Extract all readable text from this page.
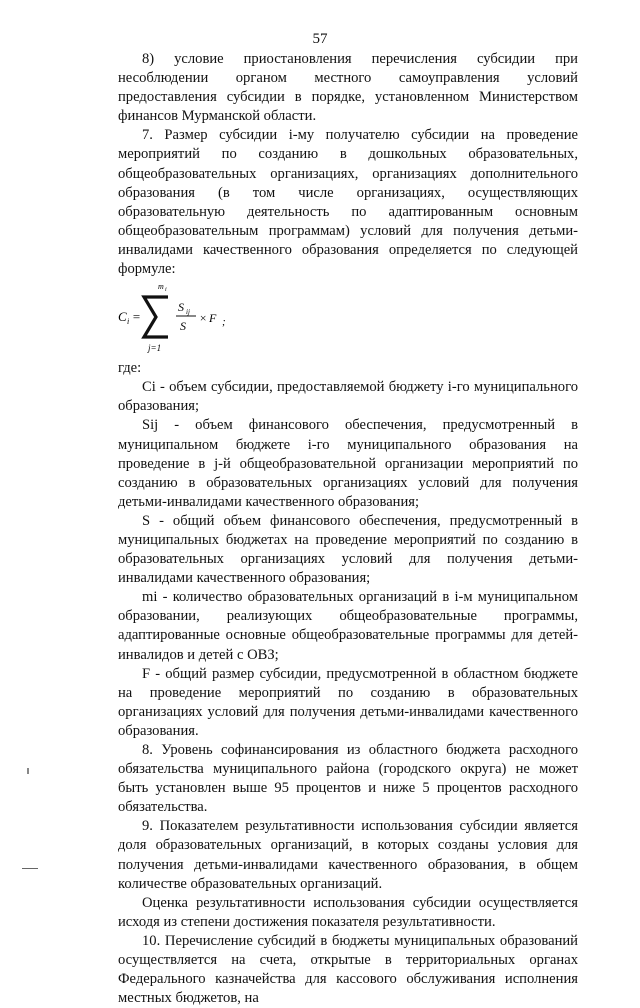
57

8) условие приостановления перечисления субсидии при несоблюдении органом местного самоуправления условий предоставления субсидии в порядке, установленном Министерством финансов Мурманской области.

7. Размер субсидии i-му получателю субсидии на проведение мероприятий по созданию в дошкольных образовательных, общеобразовательных организациях, организациях дополнительного образования (в том числе организациях, осуществляющих образовательную деятельность по адаптированным основным общеобразовательным программам) условий для получения детьми-инвалидами качественного образования определяется по следующей формуле:

C i =
m i
j=1
S ij
S
× F ;

где:

Ci - объем субсидии, предоставляемой бюджету i-го муниципального образования;

Sij - объем финансового обеспечения, предусмотренный в муниципальном бюджете i-го муниципального образования на проведение в j-й общеобразовательной организации мероприятий по созданию в образовательных организациях условий для получения детьми-инвалидами качественного образования;

S - общий объем финансового обеспечения, предусмотренный в муниципальных бюджетах на проведение мероприятий по созданию в образовательных организациях условий для получения детьми-инвалидами качественного образования;

mi - количество образовательных организаций в i-м муниципальном образовании, реализующих общеобразовательные программы, адаптированные основные общеобразовательные программы для детей-инвалидов и детей с ОВЗ;

F - общий размер субсидии, предусмотренной в областном бюджете на проведение мероприятий по созданию в образовательных организациях условий для получения детьми-инвалидами качественного образования.

8. Уровень софинансирования из областного бюджета расходного обязательства муниципального района (городского округа) не может быть установлен выше 95 процентов и ниже 5 процентов расходного обязательства.

9. Показателем результативности использования субсидии является доля образовательных организаций, в которых созданы условия для получения детьми-инвалидами качественного образования, в общем количестве образовательных организаций.

Оценка результативности использования субсидии осуществляется исходя из степени достижения показателя результативности.

10. Перечисление субсидий в бюджеты муниципальных образований осуществляется на счета, открытые в территориальных органах Федерального казначейства для кассового обслуживания исполнения местных бюджетов, на
